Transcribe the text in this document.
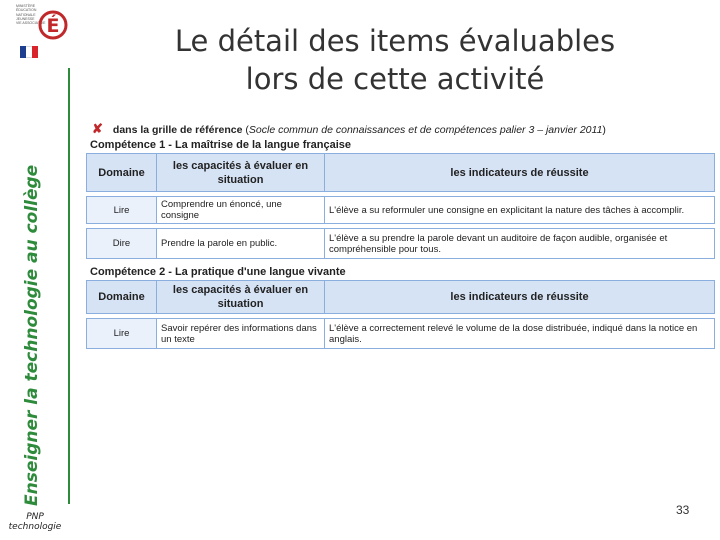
MINISTÈRE
ÉDUCATION
NATIONALE
JEUNESSE
VIE ASSOCIATIVE É
Enseigner la technologie au collège
PNP
technologie
Le détail des items évaluables
lors de cette activité
✘ dans la grille de référence (Socle commun de connaissances et de compétences palier 3 – janvier 2011)
Compétence 1 - La maîtrise de la langue française
Domaine	les capacités à évaluer en situation	les indicateurs de réussite

Lire	Comprendre un énoncé, une consigne	L'élève a su reformuler une consigne en explicitant la nature des tâches à accomplir.

Dire	Prendre la parole en public.	L'élève a su prendre la parole devant un auditoire de façon audible, organisée et compréhensible pour tous.
Compétence 2 - La pratique d'une langue vivante
Domaine	les capacités à évaluer en situation	les indicateurs de réussite

Lire	Savoir repérer des informations dans un texte	L'élève a correctement relevé le volume de la dose distribuée, indiqué dans la notice en anglais.
33
